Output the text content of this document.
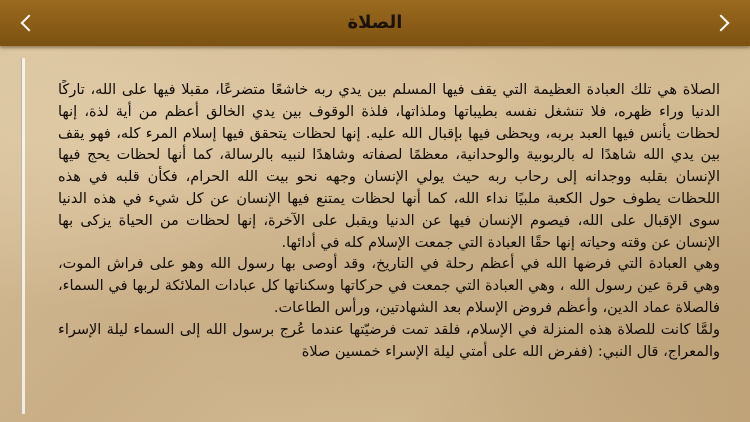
الصلاة

الصلاة هي تلك العبادة العظيمة التي يقف فيها المسلم بين يدي ربه خاشعًا متضرعًا، مقبلا فيها على الله، تاركًا الدنيا وراء ظهره، فلا تنشغل نفسه بطيباتها وملذاتها، فلذة الوقوف بين يدي الخالق أعظم من أية لذة، إنها لحظات يأنس فيها العبد بربه، ويحظى فيها بإقبال الله عليه. إنها لحظات يتحقق فيها إسلام المرء كله، فهو يقف بين يدي الله شاهدًا له بالربوبية والوحدانية، معظمًا لصفاته وشاهدًا لنبيه بالرسالة، كما أنها لحظات يحج فيها الإنسان بقلبه ووجدانه إلى رحاب ربه حيث يولي الإنسان وجهه نحو بيت الله الحرام، فكأن قلبه في هذه اللحظات يطوف حول الكعبة ملبيًا نداء الله، كما أنها لحظات يمتنع فيها الإنسان عن كل شيء في هذه الدنيا سوى الإقبال على الله، فيصوم الإنسان فيها عن الدنيا ويقبل على الآخرة، إنها لحظات من الحياة يزكى بها الإنسان عن وقته وحياته إنها حقًا العبادة التي جمعت الإسلام كله في أدائها.

وهي العبادة التي فرضها الله في أعظم رحلة في التاريخ، وقد أوصى بها رسول الله وهو على فراش الموت، وهي قرة عين رسول الله ، وهي العبادة التي جمعت في حركاتها وسكناتها كل عبادات الملائكة لربها في السماء، فالصلاة عماد الدين، وأعظم فروض الإسلام بعد الشهادتين، ورأس الطاعات.

ولمَّا كانت للصلاة هذه المنزلة في الإسلام، فلقد تمت فرضيّتها عندما عُرج برسول الله إلى السماء ليلة الإسراء والمعراج، قال النبي: (ففرض الله على أمتي ليلة الإسراء خمسين صلاة
